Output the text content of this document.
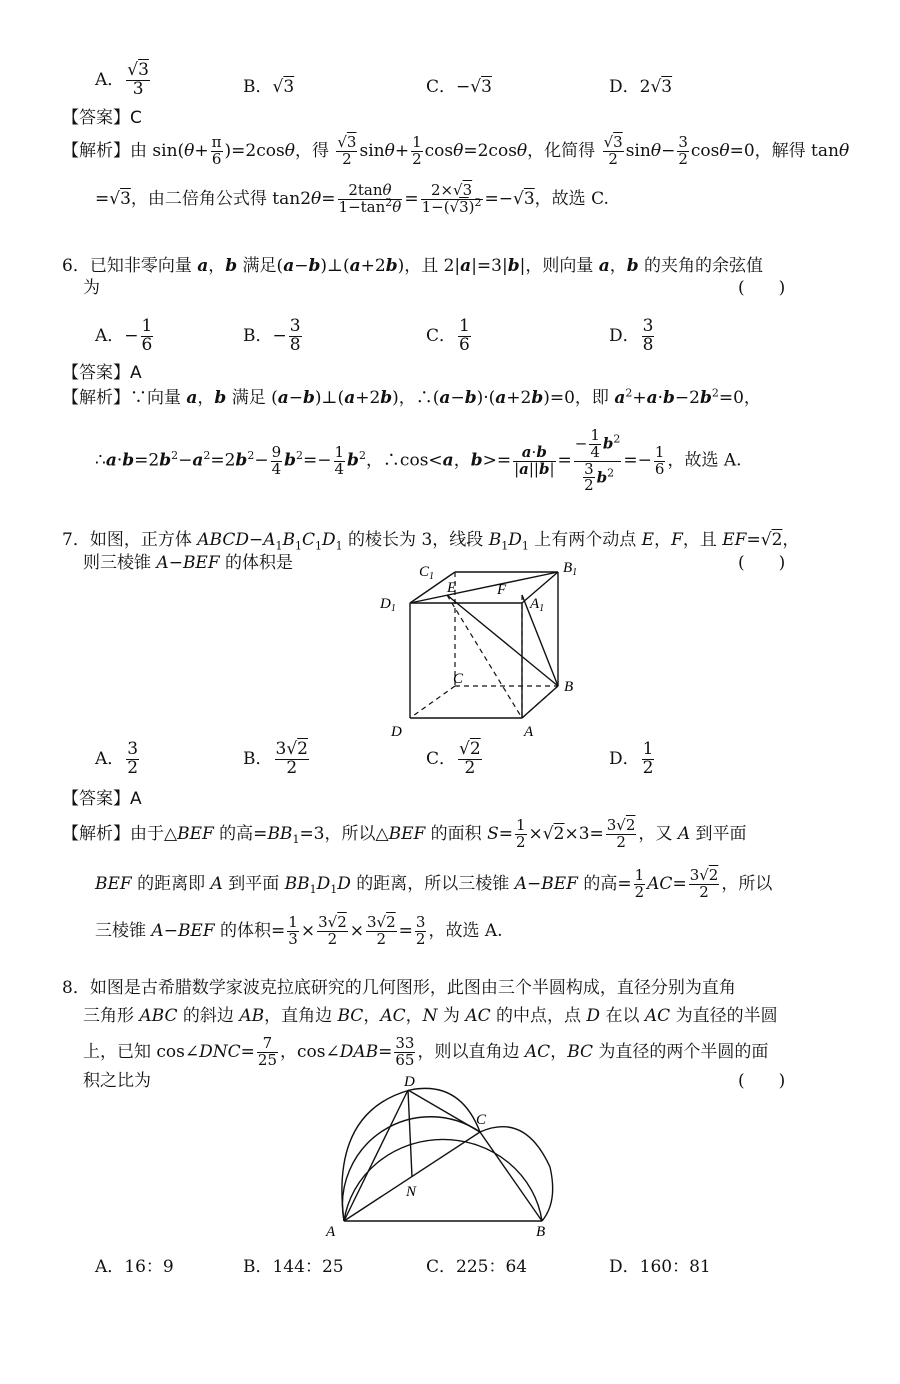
A． $\frac{√3}{3}$	B．√3	C．−√3	D．2√3
【答案】C
【解析】由 $\sin(\theta+ \frac{\pi}{6} )=2\cos\theta$，得 $\frac{√3}{2} \sin\theta+ \frac{1}{2} \cos\theta=2\cos\theta$，化简得 $\frac{√3}{2} \sin\theta- \frac{3}{2} \cos\theta=0$，解得 tanθ
=√3，由二倍角公式得 $\tan 2\theta= \frac{2\tan\theta}{1-\tan^2\theta} = \frac{2\times√3}{1-(√3)^2} =-√3$，故选 C.
6．已知非零向量 a，b 满足(a−b)⊥(a+2b)，且 2|a|=3|b|，则向量 a，b 的夹角的余弦值
为	(　　)
A．− $\frac{1}{6}$	B．− $\frac{3}{8}$	C． $\frac{1}{6}$	D． $\frac{3}{8}$
【答案】A
【解析】∵向量 a，b 满足 (a−b)⊥(a+2b)，∴(a−b)·(a+2b)=0，即 $a^2+a\cdot b-2b^2=0$，
$\therefore a\cdot b=2b^2-a^2=2b^2- \frac{9}{4} b^2=- \frac{1}{4} b^2$，∴cos<a，$b>= \frac{a\cdot b}{|a||b|} = \frac{- \frac{1}{4} b^2}{\frac{3}{2} b^2} =- \frac{1}{6}$ ，故选 A.
7．如图，正方体 $ABCD-A_1B_1C_1D_1$ 的棱长为 3，线段 $B_1D_1$ 上有两个动点 E，F，且 EF=√2，
则三棱锥 A−BEF 的体积是	(　　)
$C_1$
$B_1$
$D_1$	$A_1$
E	F
C	B
D	A
A． $\frac{3}{2}$	B． $\frac{3√2}{2}$	C． $\frac{√2}{2}$	D． $\frac{1}{2}$
【答案】A
【解析】由于△BEF 的高$=BB_1=3$，所以△BEF 的面积 $S= \frac{1}{2} \times√2\times 3= \frac{3√2}{2}$ ，又 A 到平面
BEF 的距离即 A 到平面 $BB_1D_1D$ 的距离，所以三棱锥 A−BEF 的高= $\frac{1}{2} AC= \frac{3√2}{2}$ ，所以
三棱锥 A−BEF 的体积= $\frac{1}{3} \times \frac{3√2}{2} \times \frac{3√2}{2} = \frac{3}{2}$ ，故选 A.
8．如图是古希腊数学家波克拉底研究的几何图形，此图由三个半圆构成，直径分别为直角
三角形 ABC 的斜边 AB，直角边 BC，AC，N 为 AC 的中点，点 D 在以 AC 为直径的半圆
上，已知 cos∠DNC= $\frac{7}{25}$ ，cos∠DAB= $\frac{33}{65}$ ，则以直角边 AC，BC 为直径的两个半圆的面
积之比为	(　　)
D
C
N
A	B
A．16：9	B．144：25	C．225：64	D．160：81
